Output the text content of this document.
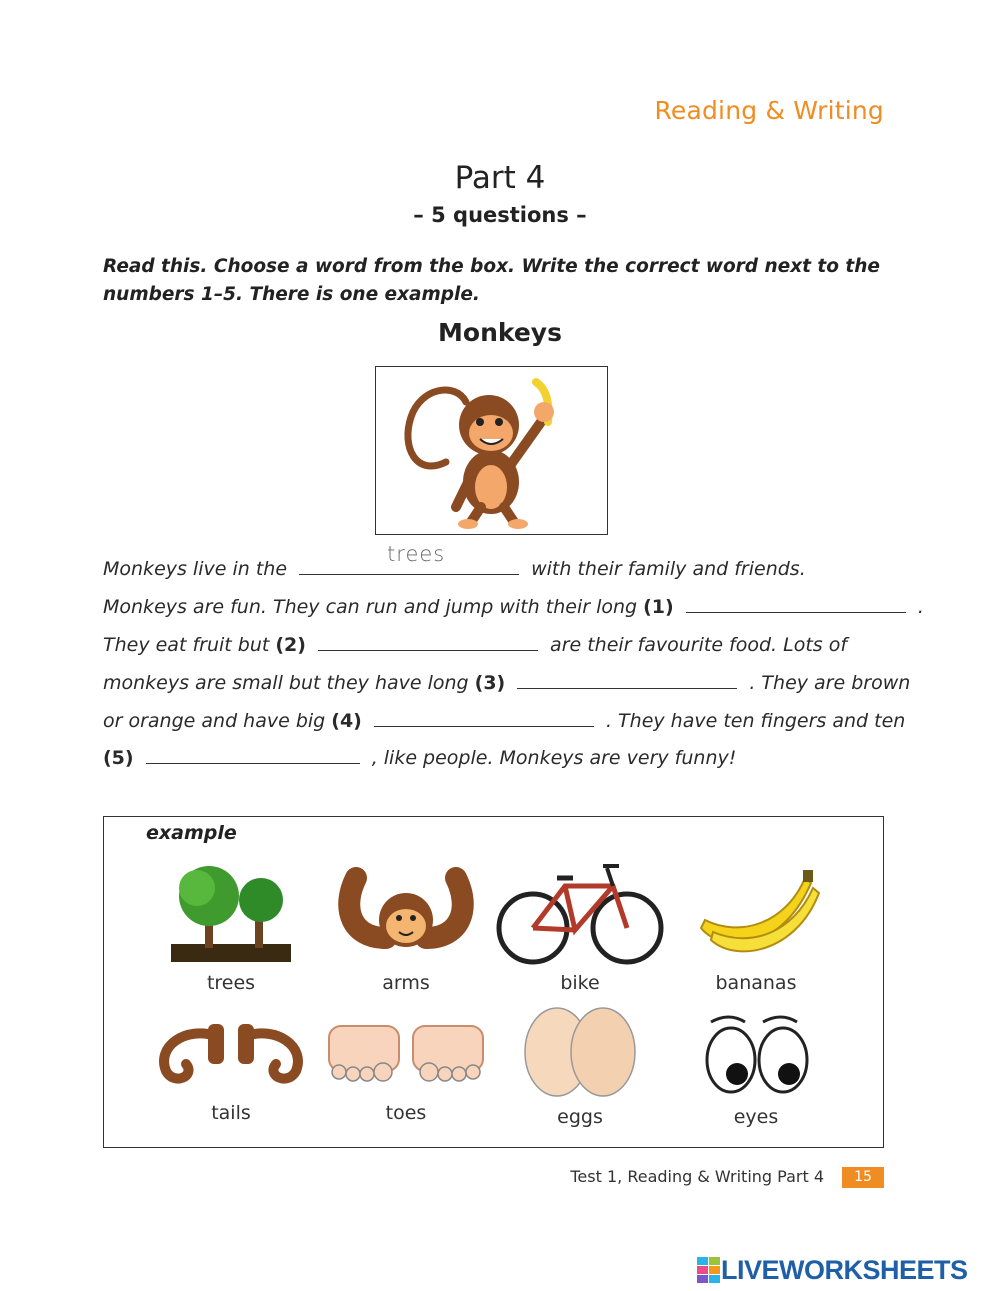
Reading & Writing
Part 4
– 5 questions –
Read this. Choose a word from the box. Write the correct word next to the numbers 1–5. There is one example.
Monkeys
Monkeys live in the
trees
with their family and friends.
Monkeys are fun. They can run and jump with their long (1)	.
They eat fruit but (2)	are their favourite food. Lots of
monkeys are small but they have long (3)	. They are brown
or orange and have big (4)	. They have ten fingers and ten
(5)	, like people. Monkeys are very funny!
example
trees	arms	bike	bananas
tails	toes	eggs	eyes
Test 1, Reading & Writing Part 4	15
LIVEWORKSHEETS
